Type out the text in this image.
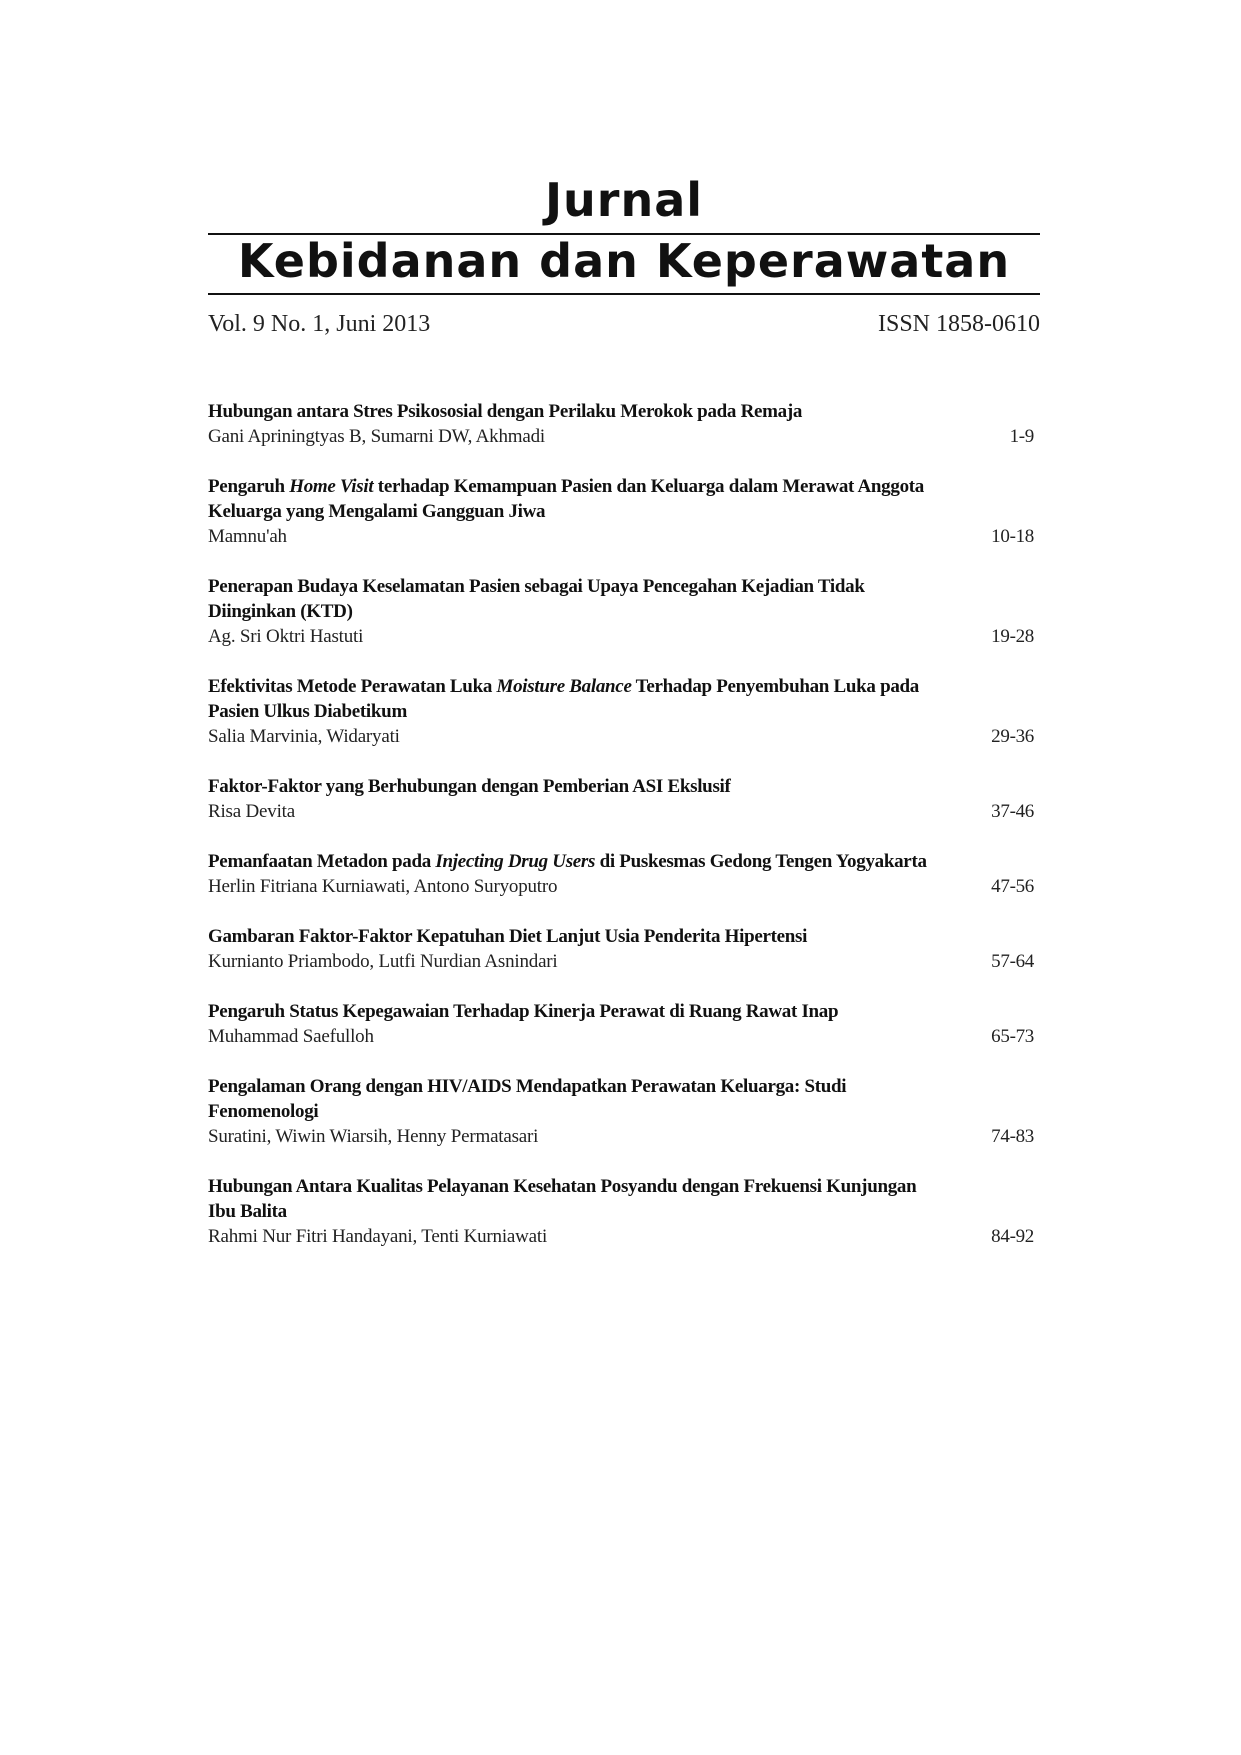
Jurnal
Kebidanan dan Keperawatan
Vol. 9 No. 1, Juni 2013	ISSN 1858-0610
Hubungan antara Stres Psikososial dengan Perilaku Merokok pada Remaja
Gani Apriningtyas B, Sumarni DW, Akhmadi	1-9
Pengaruh Home Visit terhadap Kemampuan Pasien dan Keluarga dalam Merawat Anggota Keluarga yang Mengalami Gangguan Jiwa
Mamnu'ah	10-18
Penerapan Budaya Keselamatan Pasien sebagai Upaya Pencegahan Kejadian Tidak Diinginkan (KTD)
Ag. Sri Oktri Hastuti	19-28
Efektivitas Metode Perawatan Luka Moisture Balance Terhadap Penyembuhan Luka pada Pasien Ulkus Diabetikum
Salia Marvinia, Widaryati	29-36
Faktor-Faktor yang Berhubungan dengan Pemberian ASI Ekslusif
Risa Devita	37-46
Pemanfaatan Metadon pada Injecting Drug Users di Puskesmas Gedong Tengen Yogyakarta
Herlin Fitriana Kurniawati, Antono Suryoputro	47-56
Gambaran Faktor-Faktor Kepatuhan Diet Lanjut Usia Penderita Hipertensi
Kurnianto Priambodo, Lutfi Nurdian Asnindari	57-64
Pengaruh Status Kepegawaian Terhadap Kinerja Perawat di Ruang Rawat Inap
Muhammad Saefulloh	65-73
Pengalaman Orang dengan HIV/AIDS Mendapatkan Perawatan Keluarga: Studi Fenomenologi
Suratini, Wiwin Wiarsih, Henny Permatasari	74-83
Hubungan Antara Kualitas Pelayanan Kesehatan Posyandu dengan Frekuensi Kunjungan Ibu Balita
Rahmi Nur Fitri Handayani, Tenti Kurniawati	84-92
